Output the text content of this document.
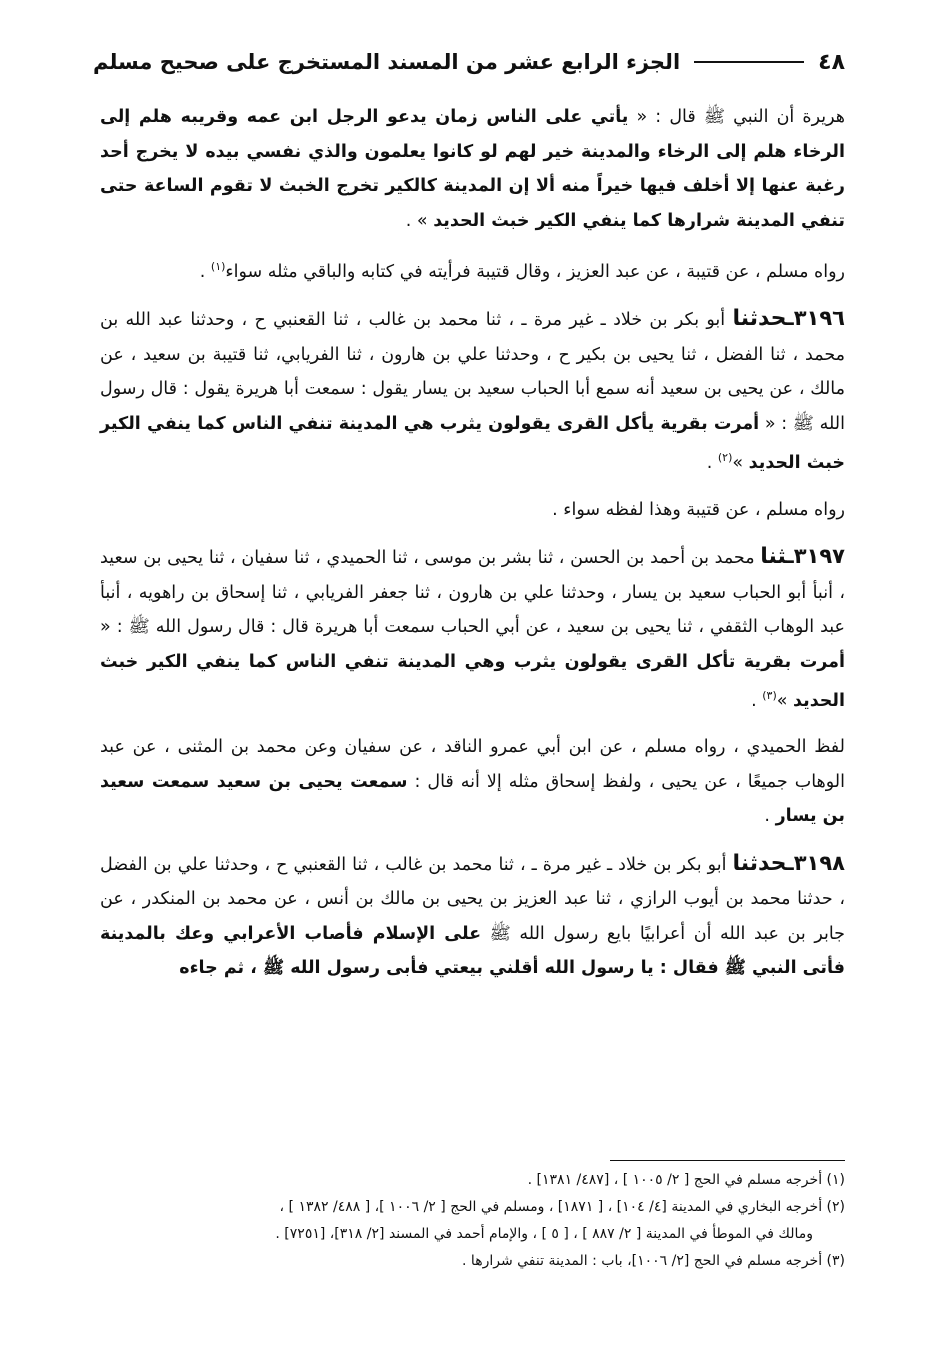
٤٨
الجزء الرابع عشر من المسند المستخرج على صحيح مسلم

هريرة أن النبي ﷺ قال : « يأتي على الناس زمان يدعو الرجل ابن عمه وقريبه هلم إلى الرخاء هلم إلى الرخاء والمدينة خير لهم لو كانوا يعلمون والذي نفسي بيده لا يخرج أحد رغبة عنها إلا أخلف فيها خيراً منه ألا إن المدينة كالكير تخرج الخبث لا تقوم الساعة حتى تنفي المدينة شرارها كما ينفي الكير خبث الحديد » .

رواه مسلم ، عن قتيبة ، عن عبد العزيز ، وقال قتيبة فرأيته في كتابه والباقي مثله سواء$^{(١)}$ .

٣١٩٦ـحدثنا أبو بكر بن خلاد ـ غير مرة ـ ، ثنا محمد بن غالب ، ثنا القعنبي ح ، وحدثنا عبد الله بن محمد ، ثنا الفضل ، ثنا يحيى بن بكير ح ، وحدثنا علي بن هارون ، ثنا الفريابي، ثنا قتيبة بن سعيد ، عن مالك ، عن يحيى بن سعيد أنه سمع أبا الحباب سعيد بن يسار يقول : سمعت أبا هريرة يقول : قال رسول الله ﷺ : « أمرت بقرية يأكل القرى يقولون يثرب هي المدينة تنفي الناس كما ينفي الكير خبث الحديد »$^{(٢)}$ .

رواه مسلم ، عن قتيبة وهذا لفظه سواء .

٣١٩٧ـثنا محمد بن أحمد بن الحسن ، ثنا بشر بن موسى ، ثنا الحميدي ، ثنا سفيان ، ثنا يحيى بن سعيد ، أنبأ أبو الحباب سعيد بن يسار ، وحدثنا علي بن هارون ، ثنا جعفر الفريابي ، ثنا إسحاق بن راهويه ، أنبأ عبد الوهاب الثقفي ، ثنا يحيى بن سعيد ، عن أبي الحباب سمعت أبا هريرة قال : قال رسول الله ﷺ : « أمرت بقرية تأكل القرى يقولون يثرب وهي المدينة تنفي الناس كما ينفي الكير خبث الحديد »$^{(٣)}$ .

لفظ الحميدي ، رواه مسلم ، عن ابن أبي عمرو الناقد ، عن سفيان وعن محمد بن المثنى ، عن عبد الوهاب جميعًا ، عن يحيى ، ولفظ إسحاق مثله إلا أنه قال : سمعت يحيى بن سعيد سمعت سعيد بن يسار .

٣١٩٨ـحدثنا أبو بكر بن خلاد ـ غير مرة ـ ، ثنا محمد بن غالب ، ثنا القعنبي ح ، وحدثنا علي بن الفضل ، حدثنا محمد بن أيوب الرازي ، ثنا عبد العزيز بن يحيى بن مالك بن أنس ، عن محمد بن المنكدر ، عن جابر بن عبد الله أن أعرابيًا بايع رسول الله ﷺ على الإسلام فأصاب الأعرابي وعك بالمدينة فأتى النبي ﷺ فقال : يا رسول الله أقلني بيعتي فأبى رسول الله ﷺ ، ثم جاءه

(١) أخرجه مسلم في الحج [ ٢/ ١٠٠٥ ] ، [٤٨٧/ ١٣٨١] .

(٢) أخرجه البخاري في المدينة [٤/ ١٠٤] ، [ ١٨٧١] ، ومسلم في الحج [ ٢/ ١٠٠٦ ]، [ ٤٨٨/ ١٣٨٢ ] ،

ومالك في الموطأ في المدينة [ ٢/ ٨٨٧ ] ، [ ٥ ] ، والإمام أحمد في المسند [٢/ ٣١٨]، [٧٢٥١] .

(٣) أخرجه مسلم في الحج [٢/ ١٠٠٦]، باب : المدينة تنفي شرارها .
